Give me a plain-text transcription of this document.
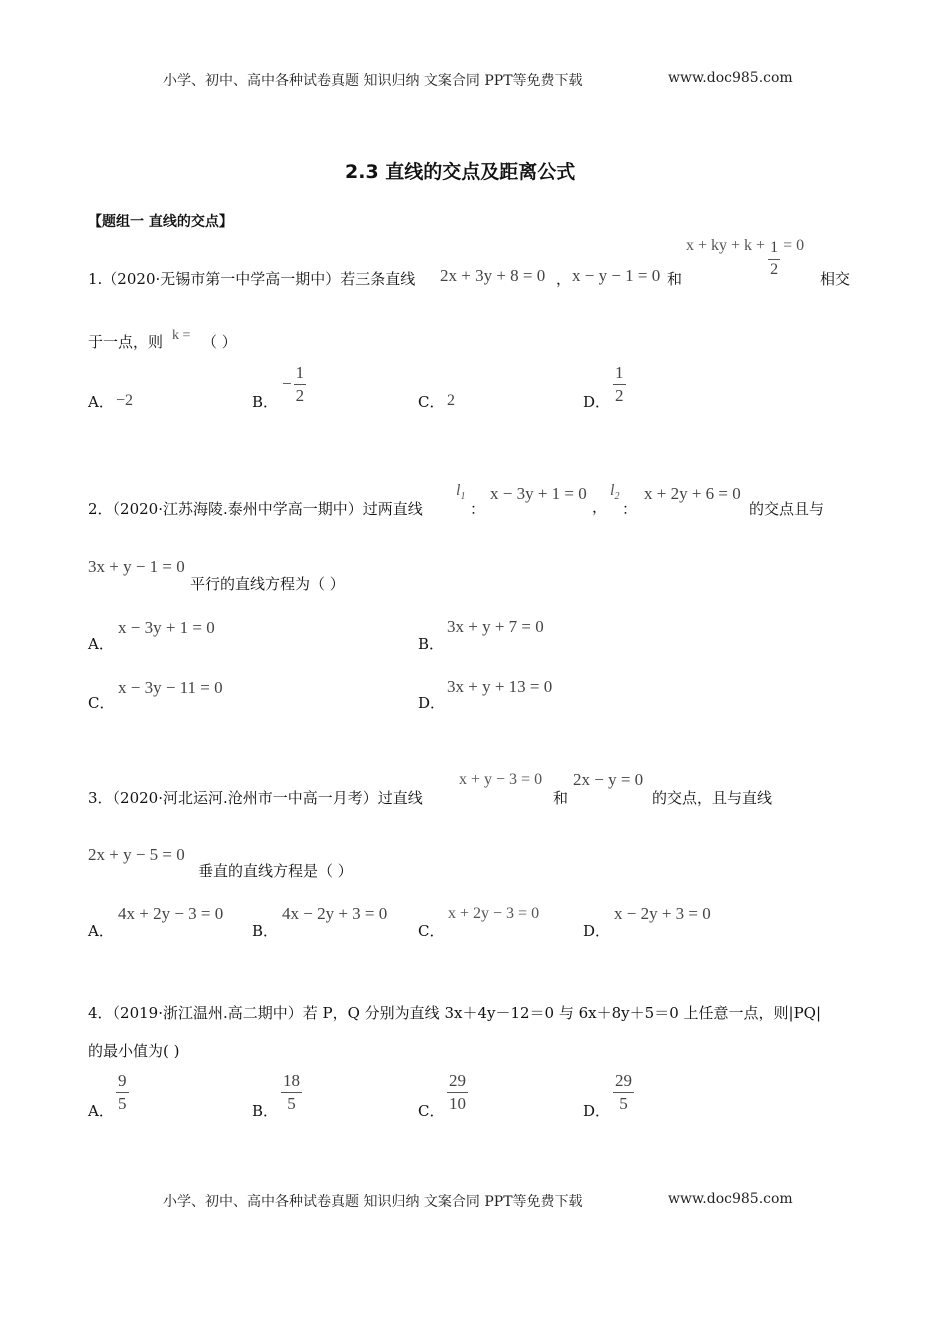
小学、初中、高中各种试卷真题 知识归纳 文案合同 PPT等免费下载	www.doc985.com
2.3 直线的交点及距离公式
【题组一 直线的交点】
1.（2020·无锡市第一中学高一期中）若三条直线 2x + 3y + 8 = 0 ， x − y − 1 = 0 和
x + ky + $k + \frac{1}{2} = 0$
相交
于一点，则 k = （ ）
A． −2	B．
− $\frac{1}{2}$	C． 2	D． $\frac{1}{2}$
2．（2020·江苏海陵.泰州中学高一期中）过两直线
$l_1$
：
x − 3y + 1 = 0
，
$l_2$
：
x + 2y + 6 = 0
的交点且与
3x + y − 1 = 0
平行的直线方程为（ ）
A．
x − 3y + 1 = 0
B．
3x + y + 7 = 0
C．
x − 3y − 11 = 0
D．
3x + y + 13 = 0
3．（2020·河北运河.沧州市一中高一月考）过直线
x + y − 3 = 0
和
2x − y = 0
的交点，且与直线
2x + y − 5 = 0
垂直的直线方程是（ ）
A．
4x + 2y − 3 = 0
B．
4x − 2y + 3 = 0
C．
x + 2y − 3 = 0
D．
x − 2y + 3 = 0
4．（2019·浙江温州.高二期中）若 P，Q 分别为直线 3x＋4y－12＝0 与 6x＋8y＋5＝0 上任意一点，则|PQ|
的最小值为( )
A． $\frac{9}{5}$	B． $\frac{18}{5}$	C． $\frac{29}{10}$	D． $\frac{29}{5}$
小学、初中、高中各种试卷真题 知识归纳 文案合同 PPT等免费下载	www.doc985.com
